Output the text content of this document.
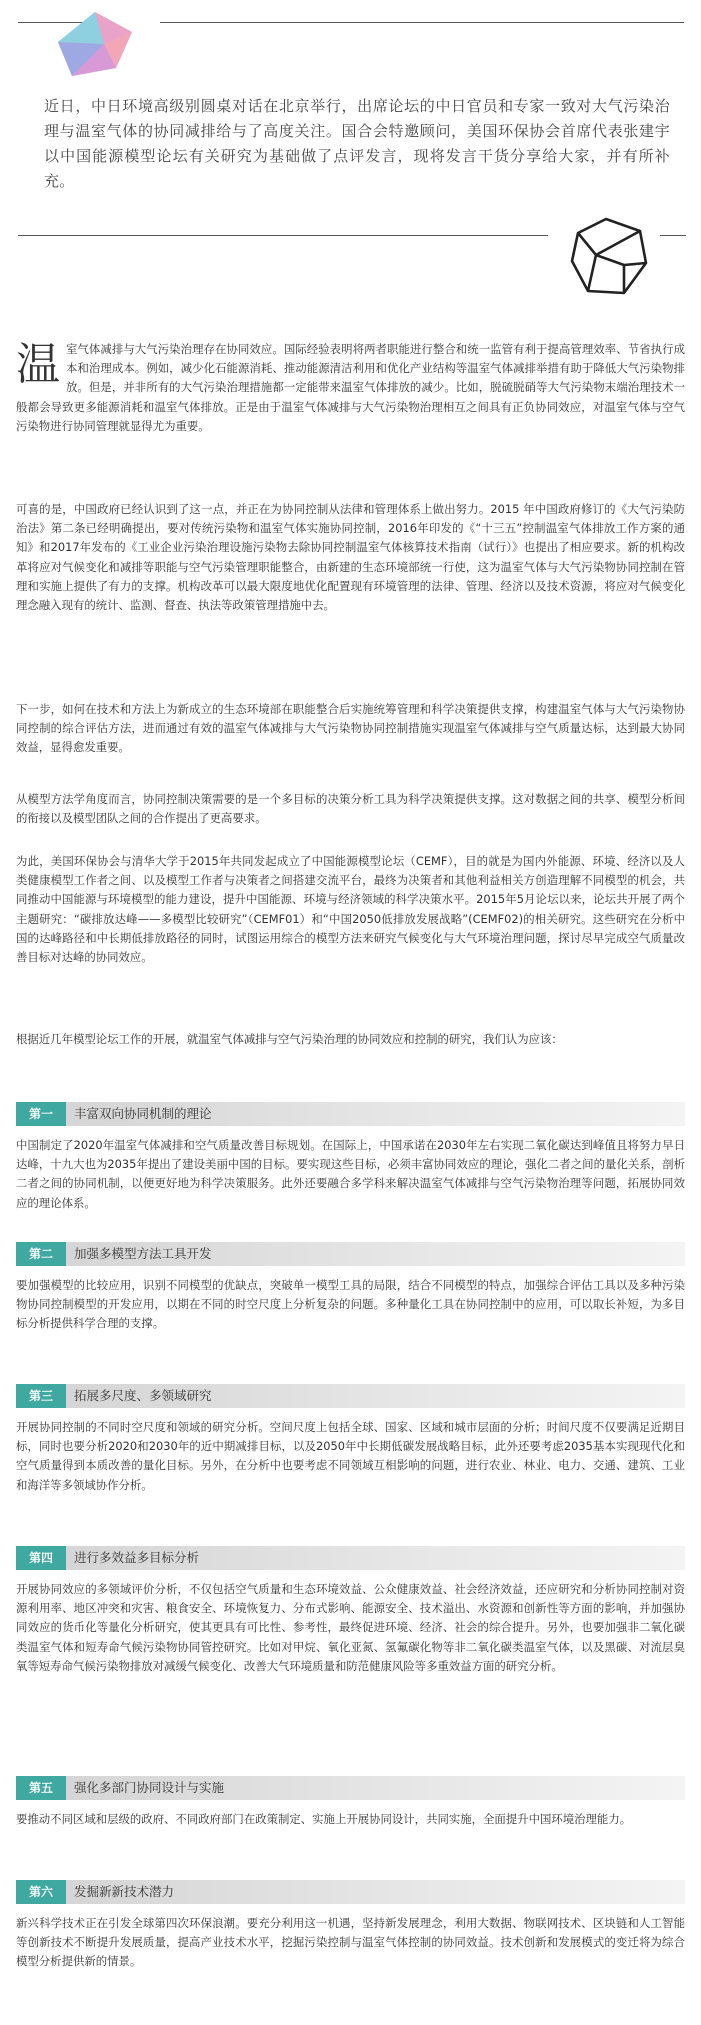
近日，中日环境高级别圆桌对话在北京举行，出席论坛的中日官员和专家一致对大气污染治理与温室气体的协同减排给与了高度关注。国合会特邀顾问，美国环保协会首席代表张建宇以中国能源模型论坛有关研究为基础做了点评发言，现将发言干货分享给大家，并有所补充。
温 室气体减排与大气污染治理存在协同效应。国际经验表明将两者职能进行整合和统一监管有利于提高管理效率、节省执行成本和治理成本。例如，减少化石能源消耗、推动能源清洁利用和优化产业结构等温室气体减排举措有助于降低大气污染物排放。但是，并非所有的大气污染治理措施都一定能带来温室气体排放的减少。比如，脱硫脱硝等大气污染物末端治理技术一般都会导致更多能源消耗和温室气体排放。正是由于温室气体减排与大气污染物治理相互之间具有正负协同效应，对温室气体与空气污染物进行协同管理就显得尤为重要。
可喜的是，中国政府已经认识到了这一点，并正在为协同控制从法律和管理体系上做出努力。2015 年中国政府修订的《大气污染防治法》第二条已经明确提出，要对传统污染物和温室气体实施协同控制，2016年印发的《“十三五”控制温室气体排放工作方案的通知》和2017年发布的《工业企业污染治理设施污染物去除协同控制温室气体核算技术指南（试行）》也提出了相应要求。新的机构改革将应对气候变化和减排等职能与空气污染管理职能整合，由新建的生态环境部统一行使，这为温室气体与大气污染物协同控制在管理和实施上提供了有力的支撑。机构改革可以最大限度地优化配置现有环境管理的法律、管理、经济以及技术资源，将应对气候变化理念融入现有的统计、监测、督查、执法等政策管理措施中去。
下一步，如何在技术和方法上为新成立的生态环境部在职能整合后实施统筹管理和科学决策提供支撑，构建温室气体与大气污染物协同控制的综合评估方法，进而通过有效的温室气体减排与大气污染物协同控制措施实现温室气体减排与空气质量达标，达到最大协同效益，显得愈发重要。
从模型方法学角度而言，协同控制决策需要的是一个多目标的决策分析工具为科学决策提供支撑。这对数据之间的共享、模型分析间的衔接以及模型团队之间的合作提出了更高要求。
为此，美国环保协会与清华大学于2015年共同发起成立了中国能源模型论坛（CEMF），目的就是为国内外能源、环境、经济以及人类健康模型工作者之间、以及模型工作者与决策者之间搭建交流平台，最终为决策者和其他利益相关方创造理解不同模型的机会，共同推动中国能源与环境模型的能力建设，提升中国能源、环境与经济领域的科学决策水平。2015年5月论坛以来，论坛共开展了两个主题研究：“碳排放达峰——多模型比较研究”（CEMF01）和“中国2050低排放发展战略”(CEMF02)的相关研究。这些研究在分析中国的达峰路径和中长期低排放路径的同时，试图运用综合的模型方法来研究气候变化与大气环境治理问题，探讨尽早完成空气质量改善目标对达峰的协同效应。
根据近几年模型论坛工作的开展，就温室气体减排与空气污染治理的协同效应和控制的研究，我们认为应该：
第一	丰富双向协同机制的理论
中国制定了2020年温室气体减排和空气质量改善目标规划。在国际上，中国承诺在2030年左右实现二氧化碳达到峰值且将努力早日达峰，十九大也为2035年提出了建设美丽中国的目标。要实现这些目标，必须丰富协同效应的理论，强化二者之间的量化关系，剖析二者之间的协同机制，以便更好地为科学决策服务。此外还要融合多学科来解决温室气体减排与空气污染物治理等问题，拓展协同效应的理论体系。
第二	加强多模型方法工具开发
要加强模型的比较应用，识别不同模型的优缺点，突破单一模型工具的局限，结合不同模型的特点，加强综合评估工具以及多种污染物协同控制模型的开发应用，以期在不同的时空尺度上分析复杂的问题。多种量化工具在协同控制中的应用，可以取长补短，为多目标分析提供科学合理的支撑。
第三	拓展多尺度、多领域研究
开展协同控制的不同时空尺度和领域的研究分析。空间尺度上包括全球、国家、区域和城市层面的分析；时间尺度不仅要满足近期目标，同时也要分析2020和2030年的近中期减排目标，以及2050年中长期低碳发展战略目标，此外还要考虑2035基本实现现代化和空气质量得到本质改善的量化目标。另外，在分析中也要考虑不同领域互相影响的问题，进行农业、林业、电力、交通、建筑、工业和海洋等多领域协作分析。
第四	进行多效益多目标分析
开展协同效应的多领域评价分析，不仅包括空气质量和生态环境效益、公众健康效益、社会经济效益，还应研究和分析协同控制对资源利用率、地区冲突和灾害、粮食安全、环境恢复力、分布式影响、能源安全、技术溢出、水资源和创新性等方面的影响，并加强协同效应的货币化等量化分析研究，使其更具有可比性、参考性，最终促进环境、经济、社会的综合提升。另外，也要加强非二氧化碳类温室气体和短寿命气候污染物协同管控研究。比如对甲烷、氧化亚氮、氢氟碳化物等非二氧化碳类温室气体，以及黑碳、对流层臭氧等短寿命气候污染物排放对减缓气候变化、改善大气环境质量和防范健康风险等多重效益方面的研究分析。
第五	强化多部门协同设计与实施
要推动不同区域和层级的政府、不同政府部门在政策制定、实施上开展协同设计，共同实施，全面提升中国环境治理能力。
第六	发掘新新技术潜力
新兴科学技术正在引发全球第四次环保浪潮。要充分利用这一机遇，坚持新发展理念，利用大数据、物联网技术、区块链和人工智能等创新技术不断提升发展质量，提高产业技术水平，挖掘污染控制与温室气体控制的协同效益。技术创新和发展模式的变迁将为综合模型分析提供新的情景。
